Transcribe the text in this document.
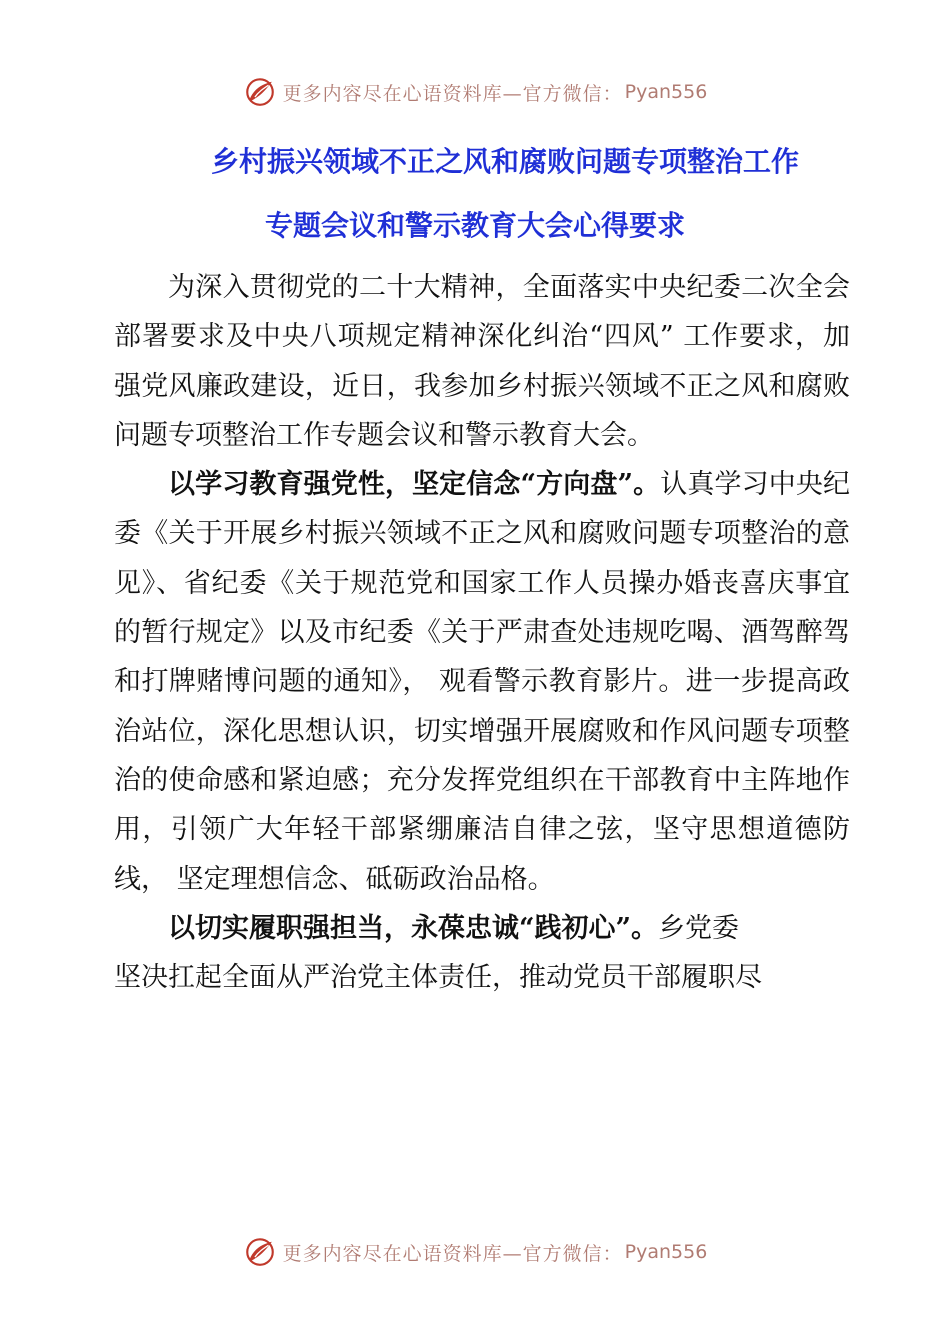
更多内容尽在心语资料库—官方微信： Pyan556
乡村振兴领域不正之风和腐败问题专项整治工作
专题会议和警示教育大会心得要求

为深入贯彻党的二十大精神，全面落实中央纪委二次全会部署要求及中央八项规定精神深化纠治“四风” 工作要求，加强党风廉政建设，近日，我参加乡村振兴领域不正之风和腐败问题专项整治工作专题会议和警示教育大会。

以学习教育强党性，坚定信念“方向盘”。认真学习中央纪委《关于开展乡村振兴领域不正之风和腐败问题专项整治的意见》、省纪委《关于规范党和国家工作人员操办婚丧喜庆事宜的暂行规定》以及市纪委《关于严肃查处违规吃喝、酒驾醉驾和打牌赌博问题的通知》， 观看警示教育影片。进一步提高政治站位，深化思想认识，切实增强开展腐败和作风问题专项整治的使命感和紧迫感；充分发挥党组织在干部教育中主阵地作用，引领广大年轻干部紧绷廉洁自律之弦，坚守思想道德防线， 坚定理想信念、砥砺政治品格。

以切实履职强担当，永葆忠诚“践初心”。乡党委
坚决扛起全面从严治党主体责任，推动党员干部履职尽

更多内容尽在心语资料库—官方微信： Pyan556
